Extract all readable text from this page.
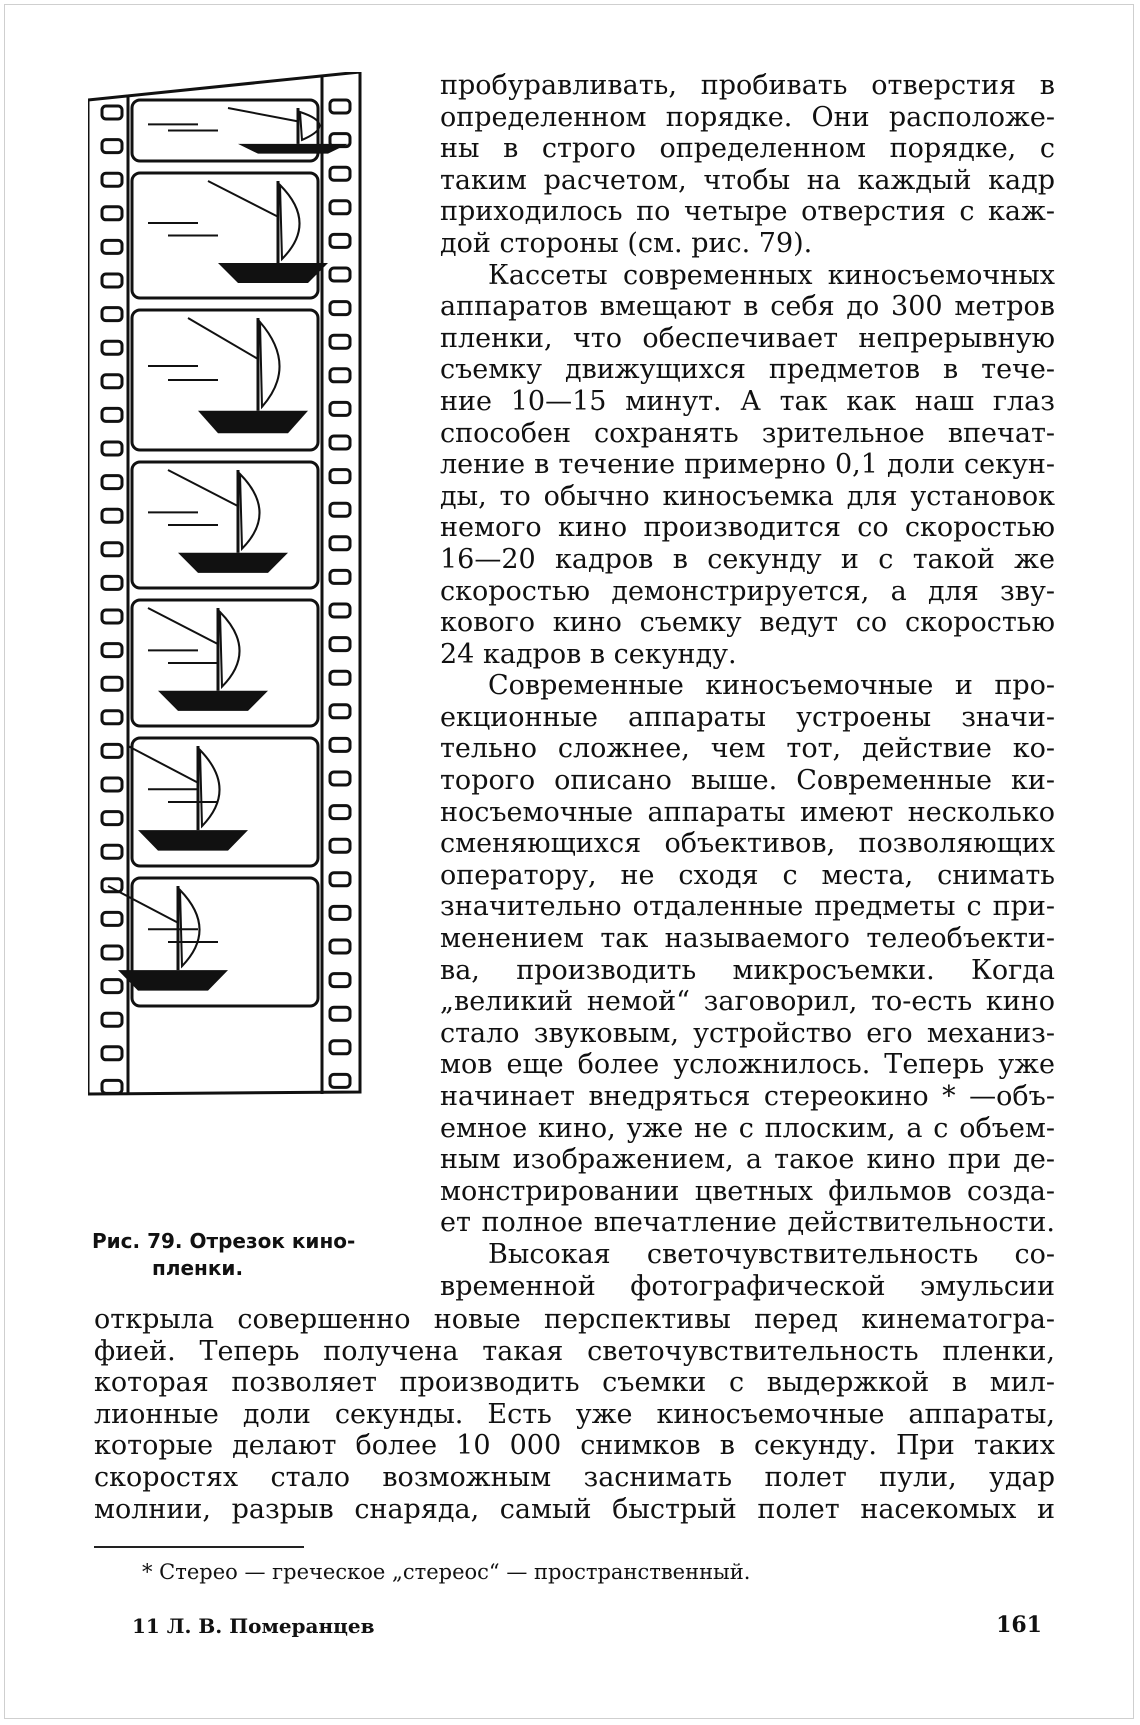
Рис. 79. Отрезок кино-
пленки.
пробуравливать, пробивать отверстия в
определенном порядке. Они расположе-
ны в строго определенном порядке, с
таким расчетом, чтобы на каждый кадр
приходилось по четыре отверстия с каж-
дой стороны (см. рис. 79).
Кассеты современных киносъемочных
аппаратов вмещают в себя до 300 метров
пленки, что обеспечивает непрерывную
съемку движущихся предметов в тече-
ние 10—15 минут. А так как наш глаз
способен сохранять зрительное впечат-
ление в течение примерно 0,1 доли секун-
ды, то обычно киносъемка для установок
немого кино производится со скоростью
16—20 кадров в секунду и с такой же
скоростью демонстрируется, а для зву-
кового кино съемку ведут со скоростью
24 кадров в секунду.
Современные киносъемочные и про-
екционные аппараты устроены значи-
тельно сложнее, чем тот, действие ко-
торого описано выше. Современные ки-
носъемочные аппараты имеют несколько
сменяющихся объективов, позволяющих
оператору, не сходя с места, снимать
значительно отдаленные предметы с при-
менением так называемого телеобъекти-
ва, производить микросъемки. Когда
„великий немой“ заговорил, то-есть кино
стало звуковым, устройство его механиз-
мов еще более усложнилось. Теперь уже
начинает внедряться стереокино * —объ-
емное кино, уже не с плоским, а с объем-
ным изображением, а такое кино при де-
монстрировании цветных фильмов созда-
ет полное впечатление действительности.
Высокая светочувствительность со-
временной фотографической эмульсии
открыла совершенно новые перспективы перед кинематогра-
фией. Теперь получена такая светочувствительность пленки,
которая позволяет производить съемки с выдержкой в мил-
лионные доли секунды. Есть уже киносъемочные аппараты,
которые делают более 10 000 снимков в секунду. При таких
скоростях стало возможным заснимать полет пули, удар
молнии, разрыв снаряда, самый быстрый полет насекомых и
* Стерео — греческое „стереос“ — пространственный.
11 Л. В. Померанцев	161
